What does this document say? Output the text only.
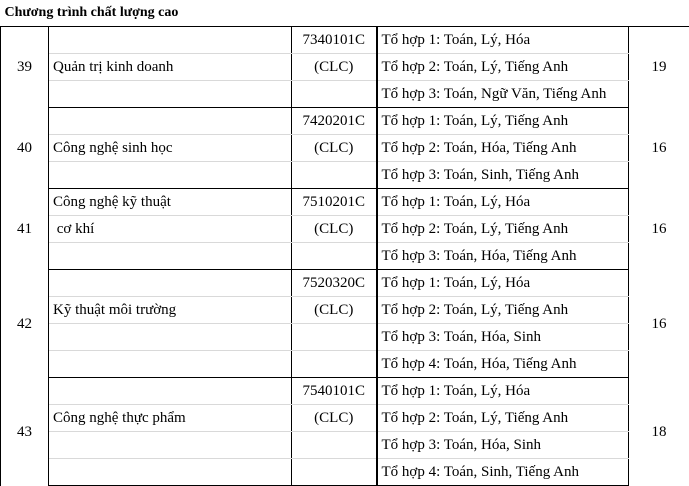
Chương trình chất lượng cao				
39		7340101C	Tổ hợp 1: Toán, Lý, Hóa	19
	Quản trị kinh doanh	(CLC)	Tổ hợp 2: Toán, Lý, Tiếng Anh	
			Tổ hợp 3: Toán, Ngữ Văn, Tiếng Anh	
40		7420201C	Tổ hợp 1: Toán, Lý, Tiếng Anh	16
	Công nghệ sinh học	(CLC)	Tổ hợp 2: Toán, Hóa, Tiếng Anh	
			Tổ hợp 3: Toán, Sinh, Tiếng Anh	
41	Công nghệ kỹ thuật	7510201C	Tổ hợp 1: Toán, Lý, Hóa	16
	cơ khí	(CLC)	Tổ hợp 2: Toán, Lý, Tiếng Anh	
			Tổ hợp 3: Toán, Hóa, Tiếng Anh	
42		7520320C	Tổ hợp 1: Toán, Lý, Hóa	16
	Kỹ thuật môi trường	(CLC)	Tổ hợp 2: Toán, Lý, Tiếng Anh	
			Tổ hợp 3: Toán, Hóa, Sinh	
			Tổ hợp 4: Toán, Hóa, Tiếng Anh	
43		7540101C	Tổ hợp 1: Toán, Lý, Hóa	18
	Công nghệ thực phẩm	(CLC)	Tổ hợp 2: Toán, Lý, Tiếng Anh	
			Tổ hợp 3: Toán, Hóa, Sinh	
			Tổ hợp 4: Toán, Sinh, Tiếng Anh	
